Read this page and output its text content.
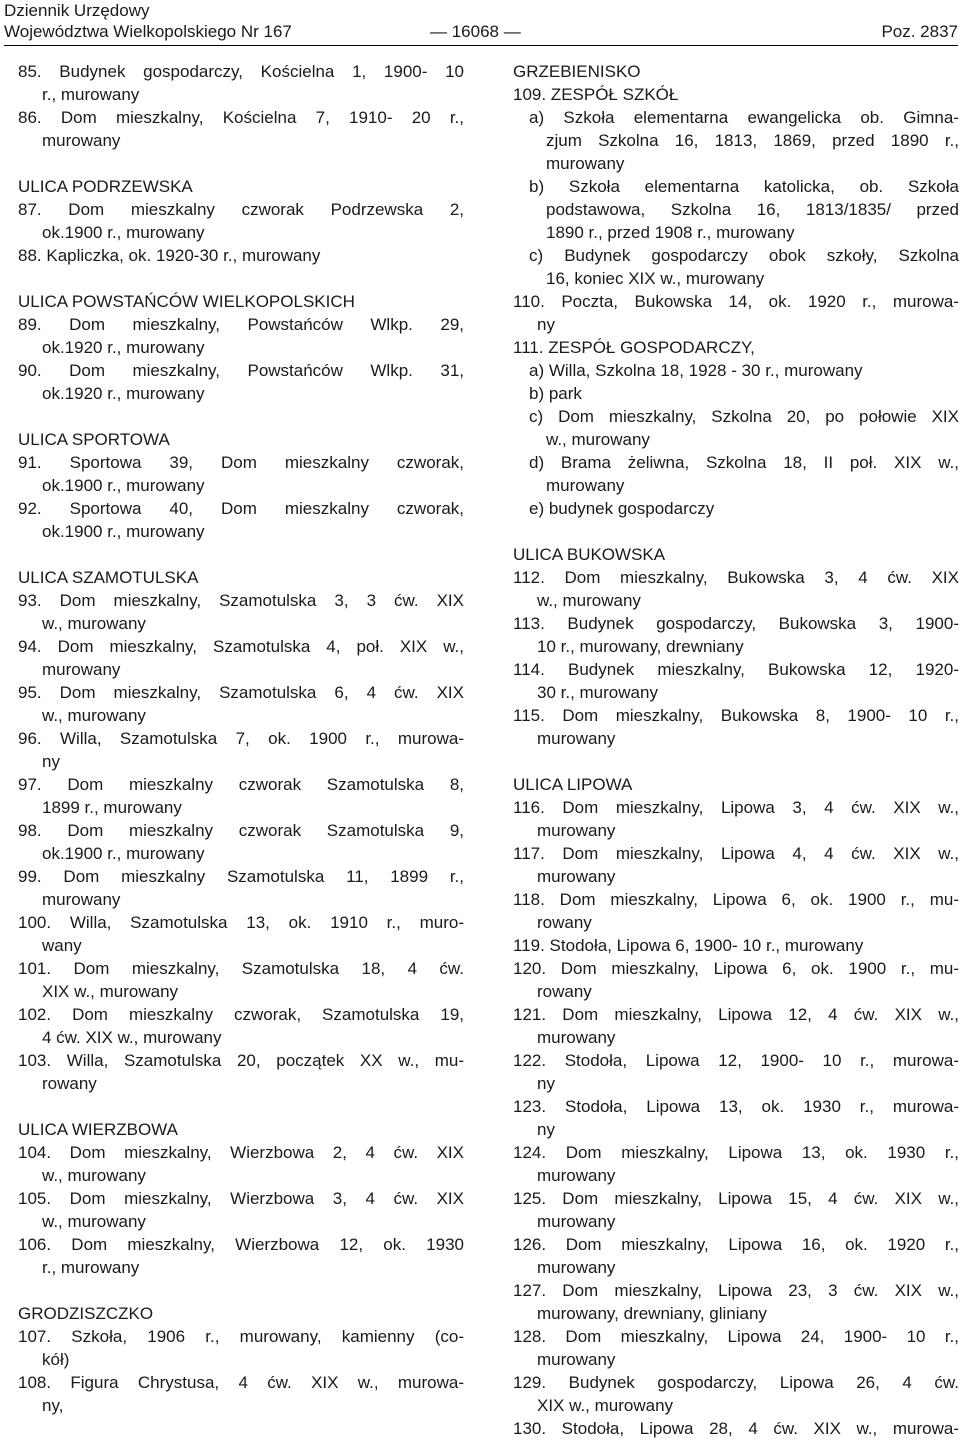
Dziennik Urzędowy
Województwa Wielkopolskiego Nr 167	— 16068 —	Poz. 2837
85. Budynek gospodarczy, Kościelna 1, 1900- 10
r., murowany
86. Dom mieszkalny, Kościelna 7, 1910- 20 r.,
murowany
ULICA PODRZEWSKA
87. Dom mieszkalny czworak Podrzewska 2,
ok.1900 r., murowany
88. Kapliczka, ok. 1920-30 r., murowany
ULICA POWSTAŃCÓW WIELKOPOLSKICH
89. Dom mieszkalny, Powstańców Wlkp. 29,
ok.1920 r., murowany
90. Dom mieszkalny, Powstańców Wlkp. 31,
ok.1920 r., murowany
ULICA SPORTOWA
91. Sportowa 39, Dom mieszkalny czworak,
ok.1900 r., murowany
92. Sportowa 40, Dom mieszkalny czworak,
ok.1900 r., murowany
ULICA SZAMOTULSKA
93. Dom mieszkalny, Szamotulska 3, 3 ćw. XIX
w., murowany
94. Dom mieszkalny, Szamotulska 4, poł. XIX w.,
murowany
95. Dom mieszkalny, Szamotulska 6, 4 ćw. XIX
w., murowany
96. Willa, Szamotulska 7, ok. 1900 r., murowa-
ny
97. Dom mieszkalny czworak Szamotulska 8,
1899 r., murowany
98. Dom mieszkalny czworak Szamotulska 9,
ok.1900 r., murowany
99. Dom mieszkalny Szamotulska 11, 1899 r.,
murowany
100. Willa, Szamotulska 13, ok. 1910 r., muro-
wany
101. Dom mieszkalny, Szamotulska 18, 4 ćw.
XIX w., murowany
102. Dom mieszkalny czworak, Szamotulska 19,
4 ćw. XIX w., murowany
103. Willa, Szamotulska 20, początek XX w., mu-
rowany
ULICA WIERZBOWA
104. Dom mieszkalny, Wierzbowa 2, 4 ćw. XIX
w., murowany
105. Dom mieszkalny, Wierzbowa 3, 4 ćw. XIX
w., murowany
106. Dom mieszkalny, Wierzbowa 12, ok. 1930
r., murowany
GRODZISZCZKO
107. Szkoła, 1906 r., murowany, kamienny (co-
kół)
108. Figura Chrystusa, 4 ćw. XIX w., murowa-
ny,
GRZEBIENISKO
109. ZESPÓŁ SZKÓŁ
a) Szkoła elementarna ewangelicka ob. Gimna-
zjum Szkolna 16, 1813, 1869, przed 1890 r.,
murowany
b) Szkoła elementarna katolicka, ob. Szkoła
podstawowa, Szkolna 16, 1813/1835/ przed
1890 r., przed 1908 r., murowany
c) Budynek gospodarczy obok szkoły, Szkolna
16, koniec XIX w., murowany
110. Poczta, Bukowska 14, ok. 1920 r., murowa-
ny
111. ZESPÓŁ GOSPODARCZY,
a) Willa, Szkolna 18, 1928 - 30 r., murowany
b) park
c) Dom mieszkalny, Szkolna 20, po połowie XIX
w., murowany
d) Brama żeliwna, Szkolna 18, II poł. XIX w.,
murowany
e) budynek gospodarczy
ULICA BUKOWSKA
112. Dom mieszkalny, Bukowska 3, 4 ćw. XIX
w., murowany
113. Budynek gospodarczy, Bukowska 3, 1900-
10 r., murowany, drewniany
114. Budynek mieszkalny, Bukowska 12, 1920-
30 r., murowany
115. Dom mieszkalny, Bukowska 8, 1900- 10 r.,
murowany
ULICA LIPOWA
116. Dom mieszkalny, Lipowa 3, 4 ćw. XIX w.,
murowany
117. Dom mieszkalny, Lipowa 4, 4 ćw. XIX w.,
murowany
118. Dom mieszkalny, Lipowa 6, ok. 1900 r., mu-
rowany
119. Stodoła, Lipowa 6, 1900- 10 r., murowany
120. Dom mieszkalny, Lipowa 6, ok. 1900 r., mu-
rowany
121. Dom mieszkalny, Lipowa 12, 4 ćw. XIX w.,
murowany
122. Stodoła, Lipowa 12, 1900- 10 r., murowa-
ny
123. Stodoła, Lipowa 13, ok. 1930 r., murowa-
ny
124. Dom mieszkalny, Lipowa 13, ok. 1930 r.,
murowany
125. Dom mieszkalny, Lipowa 15, 4 ćw. XIX w.,
murowany
126. Dom mieszkalny, Lipowa 16, ok. 1920 r.,
murowany
127. Dom mieszkalny, Lipowa 23, 3 ćw. XIX w.,
murowany, drewniany, gliniany
128. Dom mieszkalny, Lipowa 24, 1900- 10 r.,
murowany
129. Budynek gospodarczy, Lipowa 26, 4 ćw.
XIX w., murowany
130. Stodoła, Lipowa 28, 4 ćw. XIX w., murowa-
